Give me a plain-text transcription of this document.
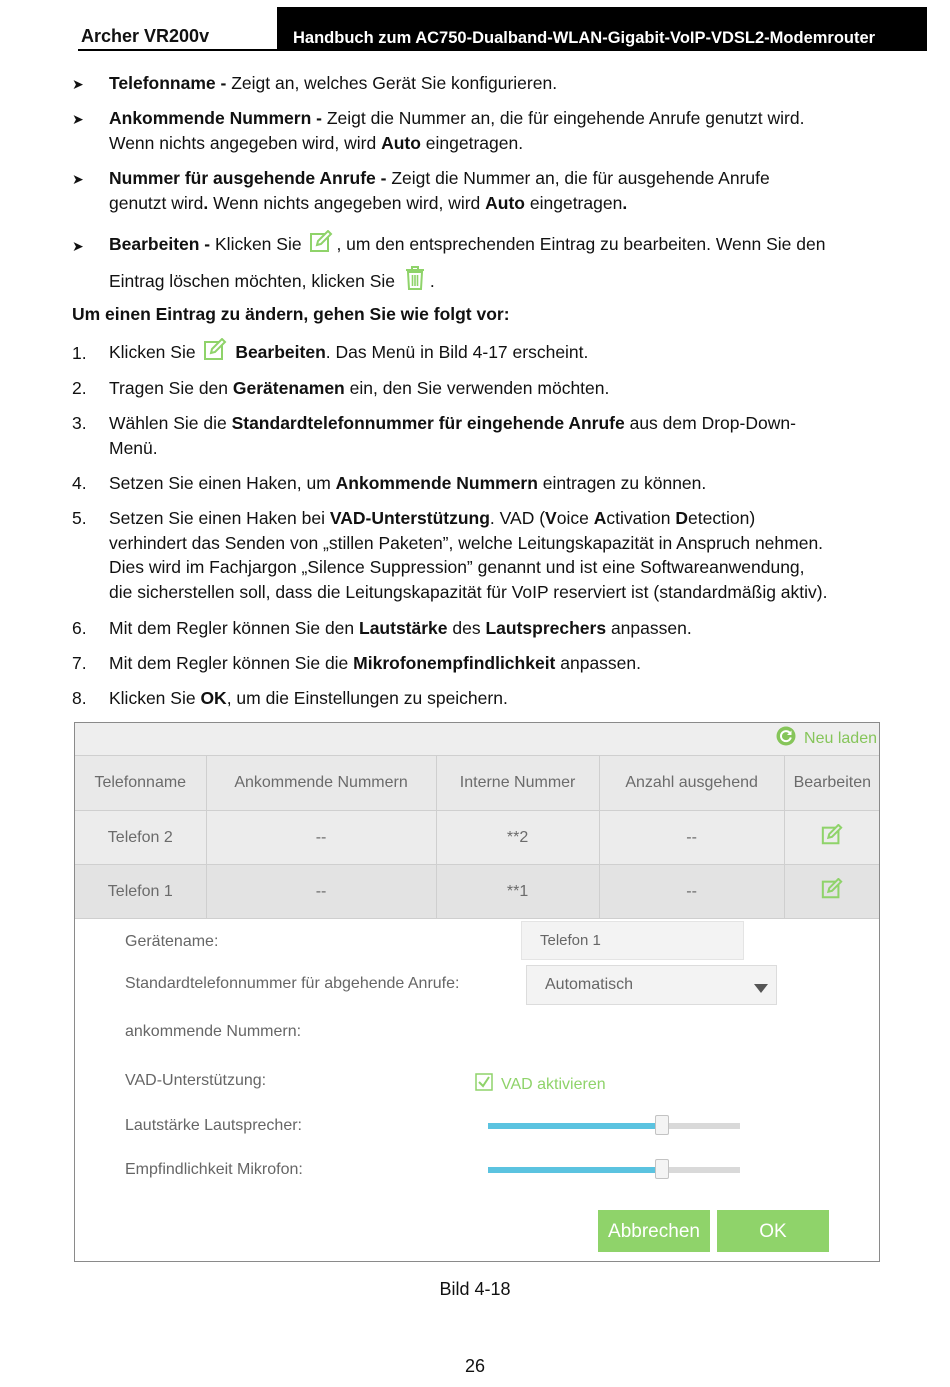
Archer VR200v	Handbuch zum AC750-Dualband-WLAN-Gigabit-VoIP-VDSL2-Modemrouter
➤ Telefonname - Zeigt an, welches Gerät Sie konfigurieren.
➤ Ankommende Nummern - Zeigt die Nummer an, die für eingehende Anrufe genutzt wird.
Wenn nichts angegeben wird, wird Auto eingetragen.
➤ Nummer für ausgehende Anrufe - Zeigt die Nummer an, die für ausgehende Anrufe
genutzt wird. Wenn nichts angegeben wird, wird Auto eingetragen.
➤ Bearbeiten - Klicken Sie , um den entsprechenden Eintrag zu bearbeiten. Wenn Sie den
Eintrag löschen möchten, klicken Sie .
Um einen Eintrag zu ändern, gehen Sie wie folgt vor:
1. Klicken Sie  Bearbeiten. Das Menü in Bild 4-17 erscheint.
2. Tragen Sie den Gerätenamen ein, den Sie verwenden möchten.
3. Wählen Sie die Standardtelefonnummer für eingehende Anrufe aus dem Drop-Down-
Menü.
4. Setzen Sie einen Haken, um Ankommende Nummern eintragen zu können.
5. Setzen Sie einen Haken bei VAD-Unterstützung. VAD (Voice Activation Detection)
verhindert das Senden von „stillen Paketen”, welche Leitungskapazität in Anspruch nehmen.
Dies wird im Fachjargon „Silence Suppression” genannt und ist eine Softwareanwendung,
die sicherstellen soll, dass die Leitungskapazität für VoIP reserviert ist (standardmäßig aktiv).
6. Mit dem Regler können Sie den Lautstärke des Lautsprechers anpassen.
7. Mit dem Regler können Sie die Mikrofonempfindlichkeit anpassen.
8. Klicken Sie OK, um die Einstellungen zu speichern.
Neu laden
Telefonname	Ankommende Nummern	Interne Nummer	Anzahl ausgehend	Bearbeiten
Telefon 2	--	**2	--	
Telefon 1	--	**1	--	
Gerätename:	Telefon 1
Standardtelefonnummer für abgehende Anrufe:	Automatisch
ankommende Nummern:
VAD-Unterstützung:	VAD aktivieren
Lautstärke Lautsprecher:
Empfindlichkeit Mikrofon:
Abbrechen	OK
Bild 4-18
26
